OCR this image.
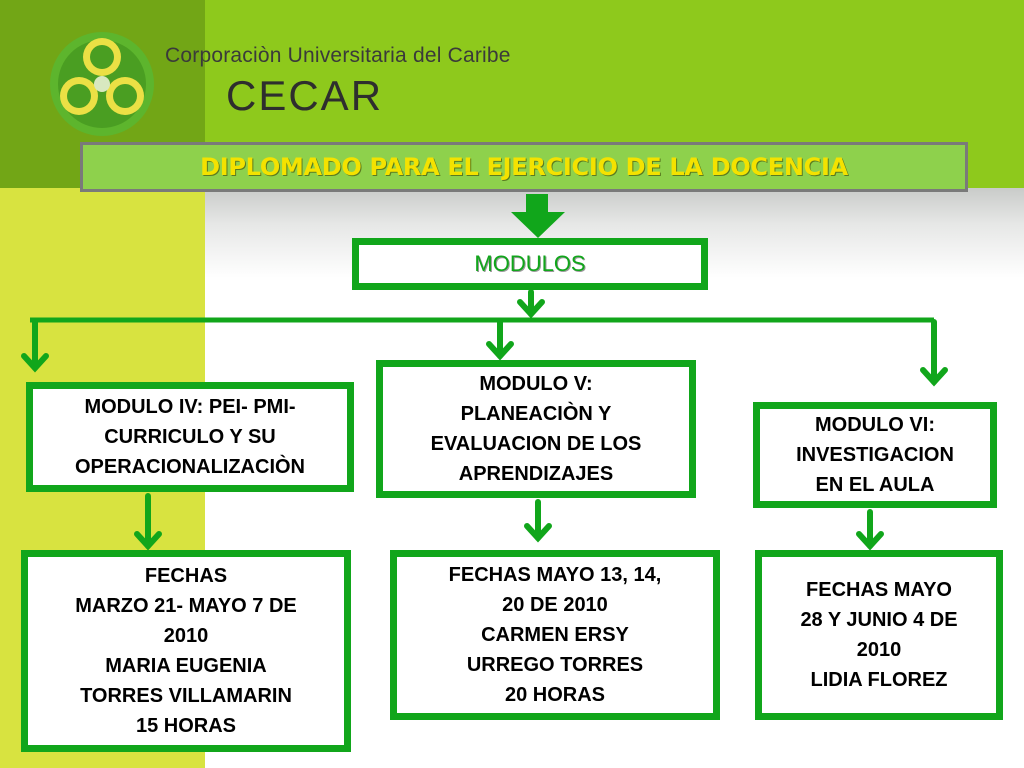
Corporaciòn Universitaria del Caribe
CECAR
DIPLOMADO PARA EL EJERCICIO DE LA DOCENCIA
MODULOS
MODULO IV: PEI- PMI-
CURRICULO Y SU
OPERACIONALIZACIÒN
MODULO V:
PLANEACIÒN Y
EVALUACION DE LOS
APRENDIZAJES
MODULO VI:
INVESTIGACION
EN EL AULA
FECHAS
MARZO 21- MAYO 7 DE
2010
MARIA EUGENIA
TORRES VILLAMARIN
15 HORAS
FECHAS MAYO 13, 14,
20 DE 2010
CARMEN ERSY
URREGO TORRES
20 HORAS
FECHAS MAYO
28 Y JUNIO 4 DE
2010
LIDIA FLOREZ
